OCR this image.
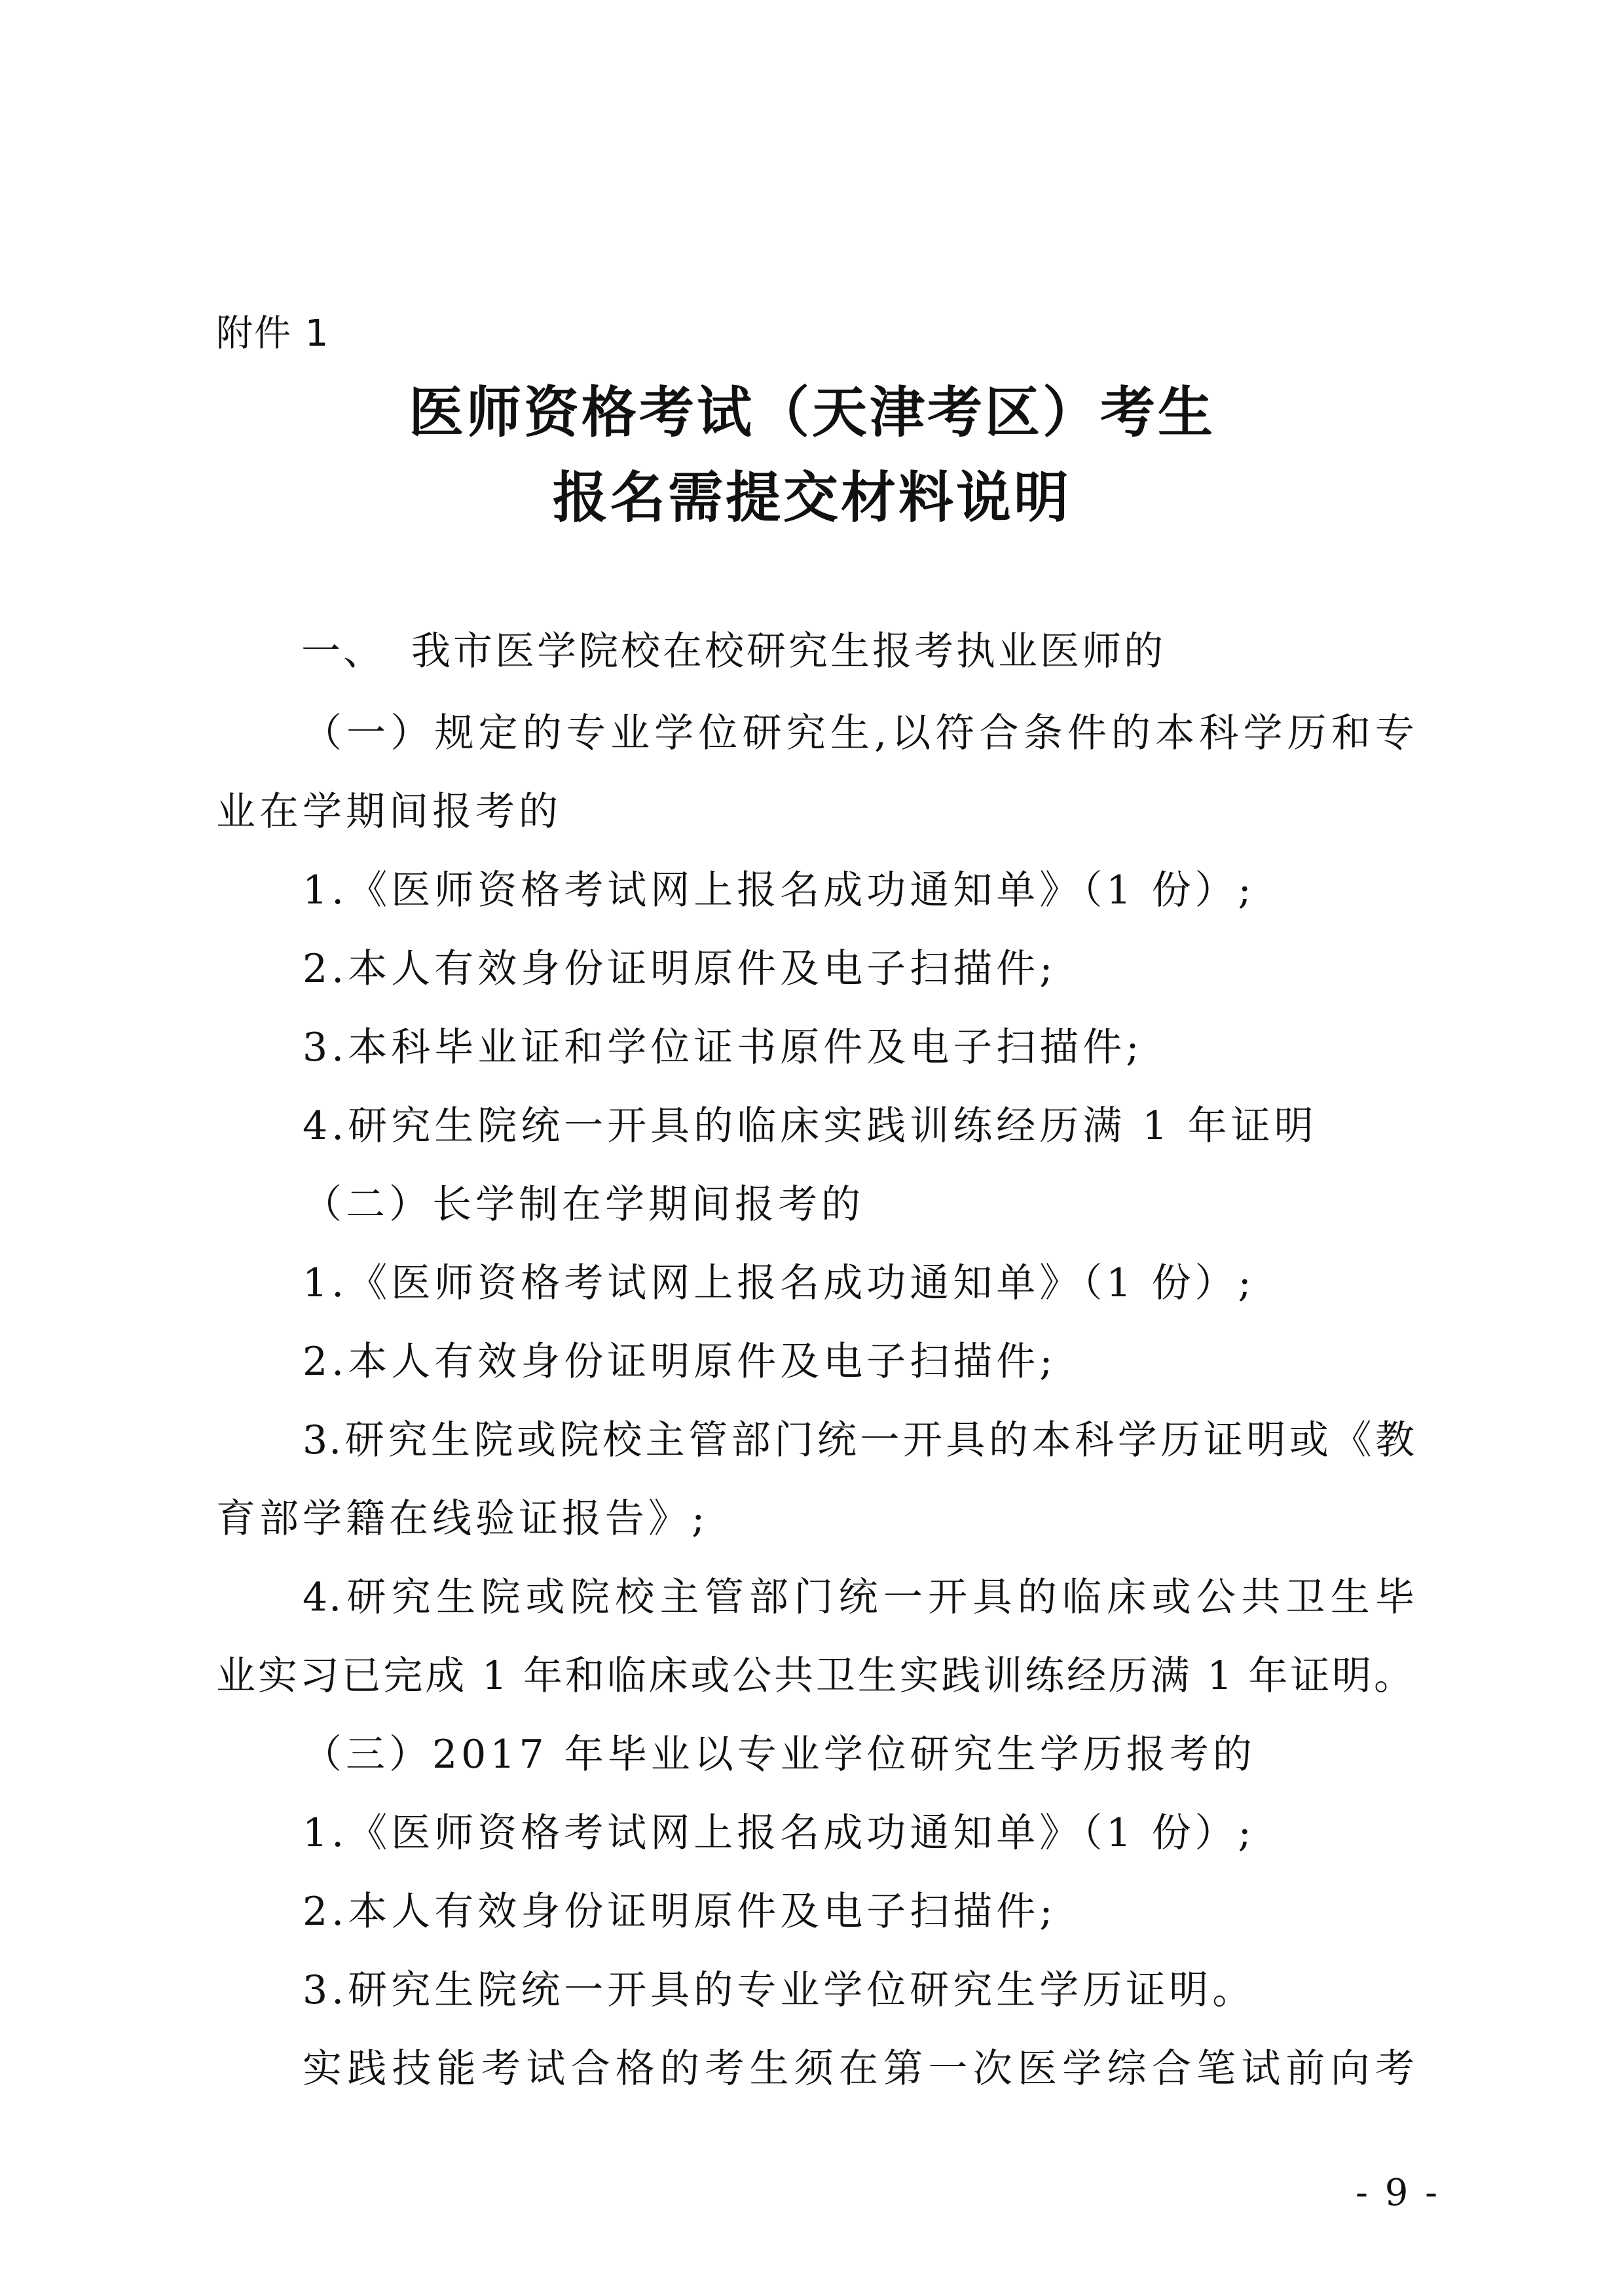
附件 1
医师资格考试（天津考区）考生
报名需提交材料说明
一、 我市医学院校在校研究生报考执业医师的
（一）规定的专业学位研究生,以符合条件的本科学历和专
业在学期间报考的
1.《医师资格考试网上报名成功通知单》（1 份）;
2.本人有效身份证明原件及电子扫描件;
3.本科毕业证和学位证书原件及电子扫描件;
4.研究生院统一开具的临床实践训练经历满 1 年证明
（二）长学制在学期间报考的
1.《医师资格考试网上报名成功通知单》（1 份）;
2.本人有效身份证明原件及电子扫描件;
3.研究生院或院校主管部门统一开具的本科学历证明或《教
育部学籍在线验证报告》;
4.研究生院或院校主管部门统一开具的临床或公共卫生毕
业实习已完成 1 年和临床或公共卫生实践训练经历满 1 年证明。
（三）2017 年毕业以专业学位研究生学历报考的
1.《医师资格考试网上报名成功通知单》（1 份）;
2.本人有效身份证明原件及电子扫描件;
3.研究生院统一开具的专业学位研究生学历证明。
实践技能考试合格的考生须在第一次医学综合笔试前向考
- 9 -
